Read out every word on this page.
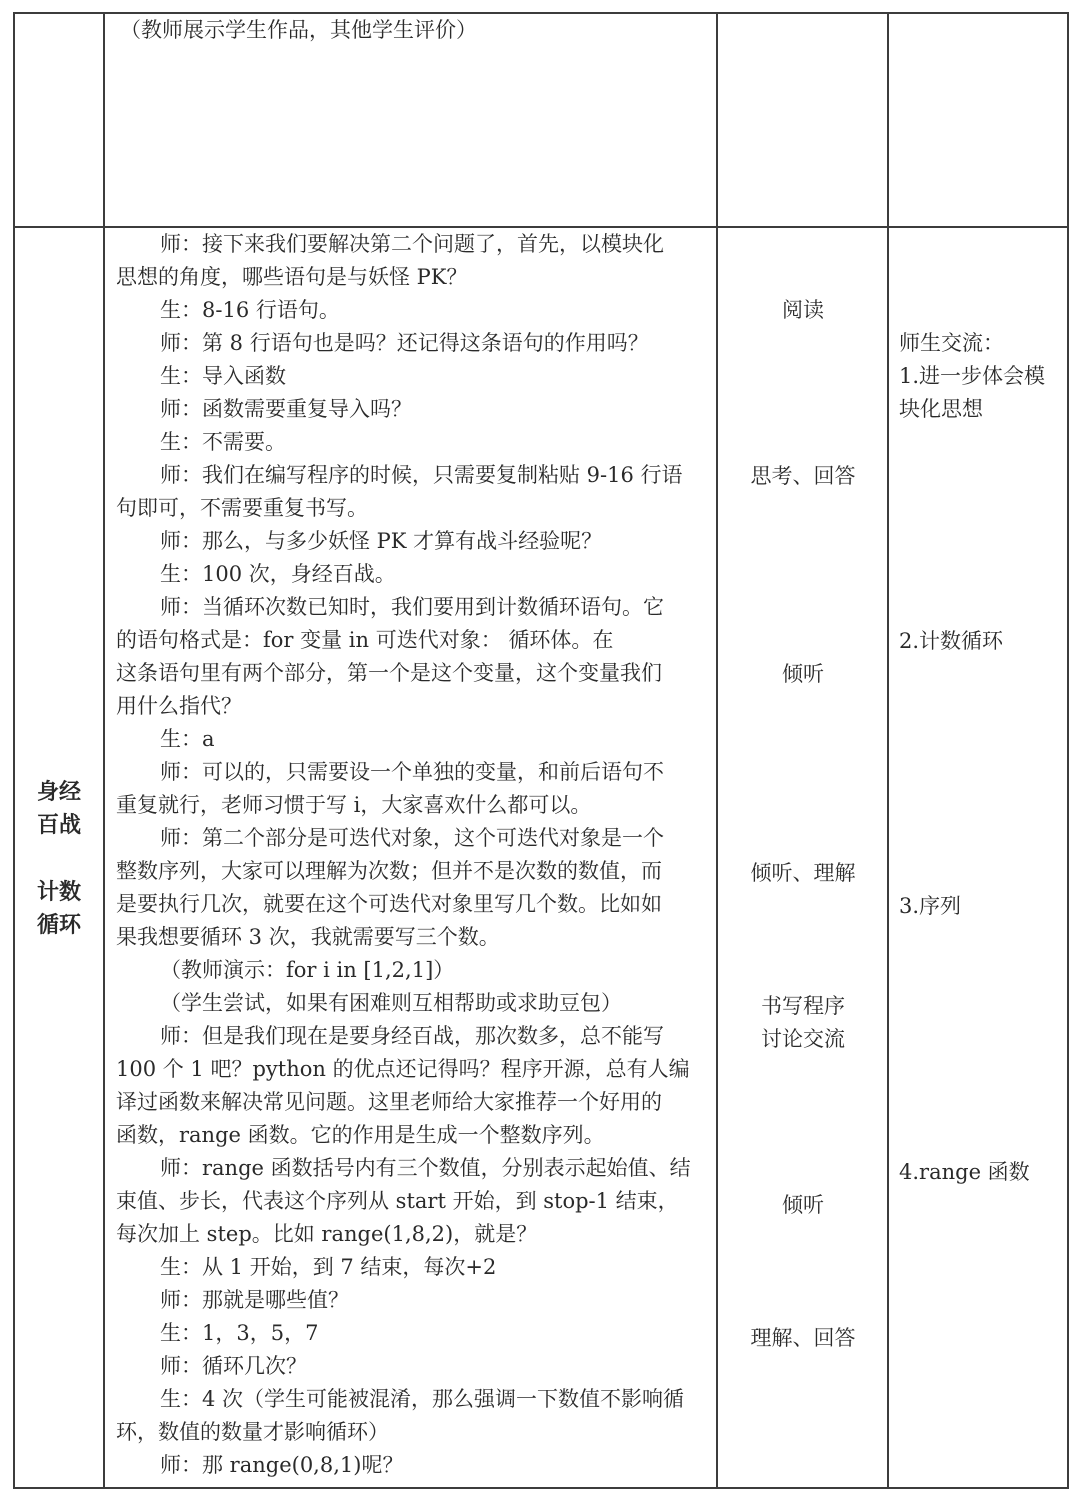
（教师展示学生作品，其他学生评价）
身经
百战
计数
循环
师：接下来我们要解决第二个问题了，首先，以模块化
思想的角度，哪些语句是与妖怪 PK？
生：8-16 行语句。
师：第 8 行语句也是吗？还记得这条语句的作用吗？
生：导入函数
师：函数需要重复导入吗？
生：不需要。
师：我们在编写程序的时候，只需要复制粘贴 9-16 行语
句即可，不需要重复书写。
师：那么，与多少妖怪 PK 才算有战斗经验呢？
生：100 次，身经百战。
师：当循环次数已知时，我们要用到计数循环语句。它
的语句格式是：for 变量 in 可迭代对象： 循环体。在
这条语句里有两个部分，第一个是这个变量，这个变量我们
用什么指代？
生：a
师：可以的，只需要设一个单独的变量，和前后语句不
重复就行，老师习惯于写 i，大家喜欢什么都可以。
师：第二个部分是可迭代对象，这个可迭代对象是一个
整数序列，大家可以理解为次数；但并不是次数的数值，而
是要执行几次，就要在这个可迭代对象里写几个数。比如如
果我想要循环 3 次，我就需要写三个数。
（教师演示：for i in [1,2,1]）
（学生尝试，如果有困难则互相帮助或求助豆包）
师：但是我们现在是要身经百战，那次数多，总不能写
100 个 1 吧？python 的优点还记得吗？程序开源，总有人编
译过函数来解决常见问题。这里老师给大家推荐一个好用的
函数，range 函数。它的作用是生成一个整数序列。
师：range 函数括号内有三个数值，分别表示起始值、结
束值、步长，代表这个序列从 start 开始，到 stop-1 结束，
每次加上 step。比如 range(1,8,2)，就是？
生：从 1 开始，到 7 结束，每次+2
师：那就是哪些值？
生：1，3，5，7
师：循环几次？
生：4 次（学生可能被混淆，那么强调一下数值不影响循
环，数值的数量才影响循环）
师：那 range(0,8,1)呢？
阅读
思考、回答
倾听
倾听、理解
书写程序
讨论交流
倾听
理解、回答
师生交流：
1.进一步体会模
块化思想
2.计数循环
3.序列
4.range 函数
